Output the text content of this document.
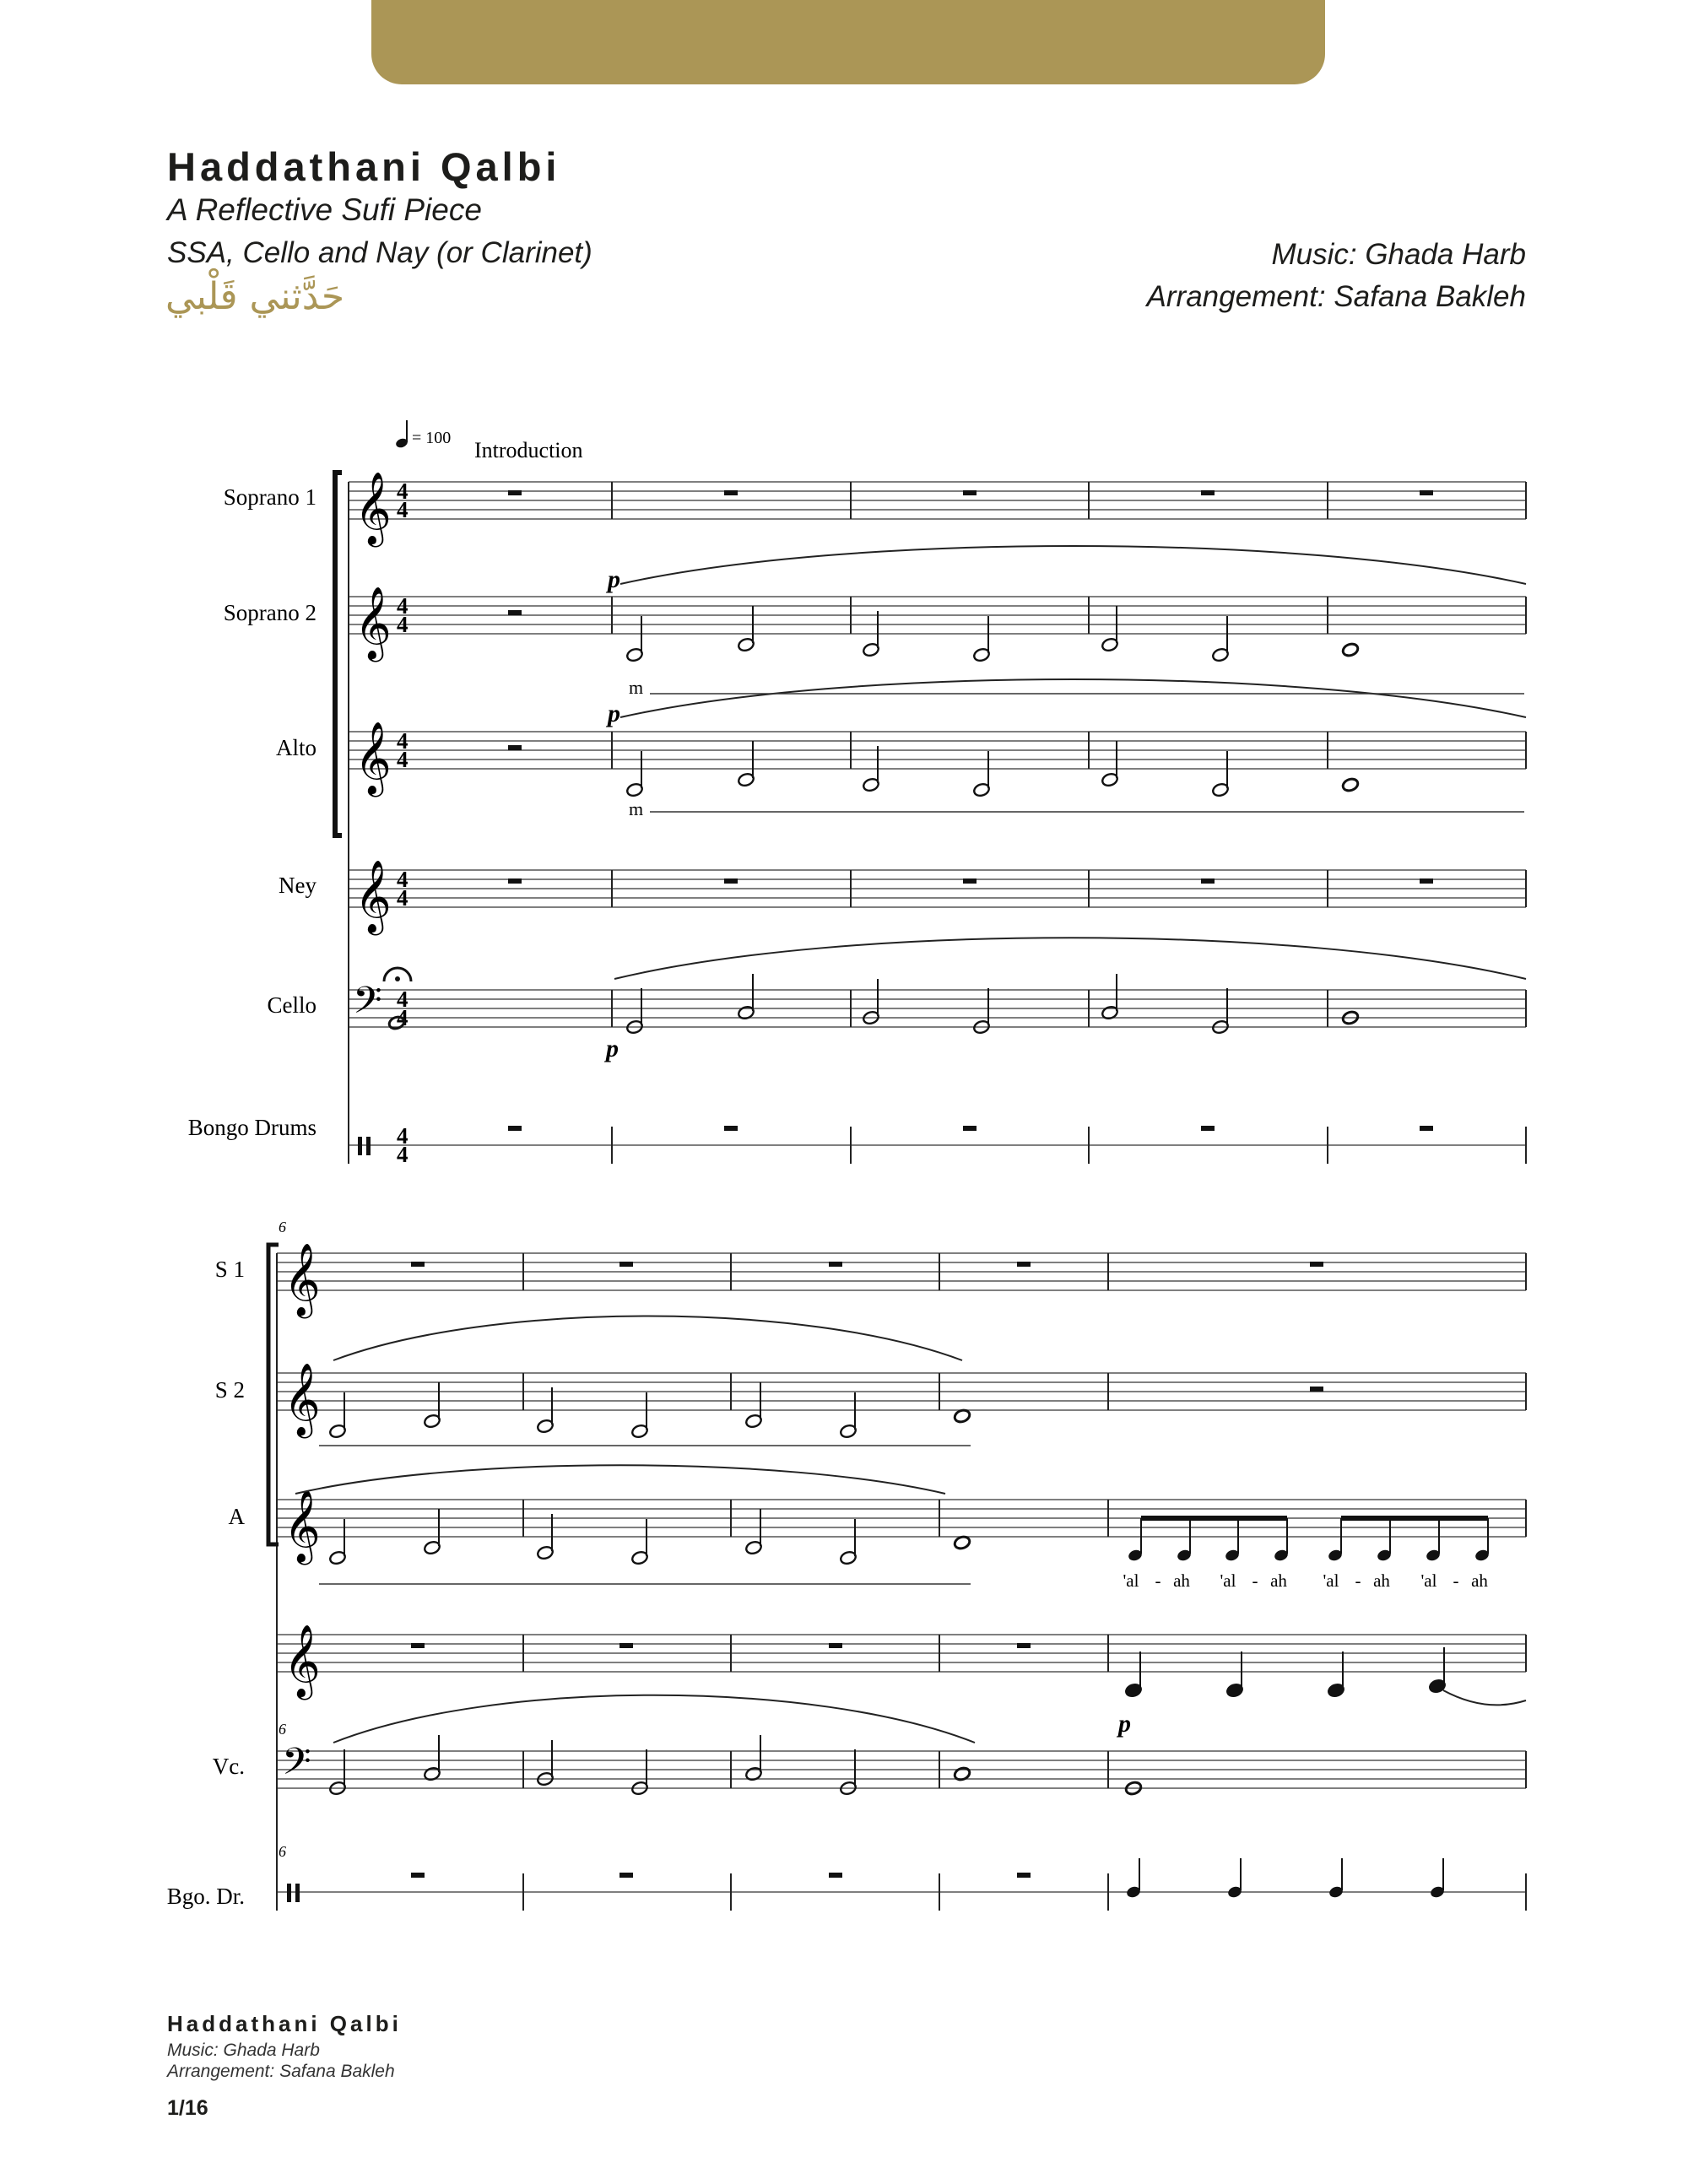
Haddathani Qalbi
A Reflective Sufi Piece
SSA, Cello and Nay (or Clarinet)
حَدَّثني قَلْبي
Music: Ghada Harb
Arrangement: Safana Bakleh
Soprano 1
Soprano 2
Alto
Ney
Cello
Bongo Drums
= 100 Introduction
𝄞 4
4
𝄞 4
4
𝄞 4
4
𝄞 4
4
𝄢 4
4
4
4
p
p
p
m
m
S 1
S 2
A
Vc.
Bgo. Dr.
6
6
6
𝄞
𝄞
𝄞
𝄞
𝄢
'al - ah 'al - ah 'al - ah 'al - ah
p
Haddathani Qalbi
Music: Ghada Harb
Arrangement: Safana Bakleh
1/16
